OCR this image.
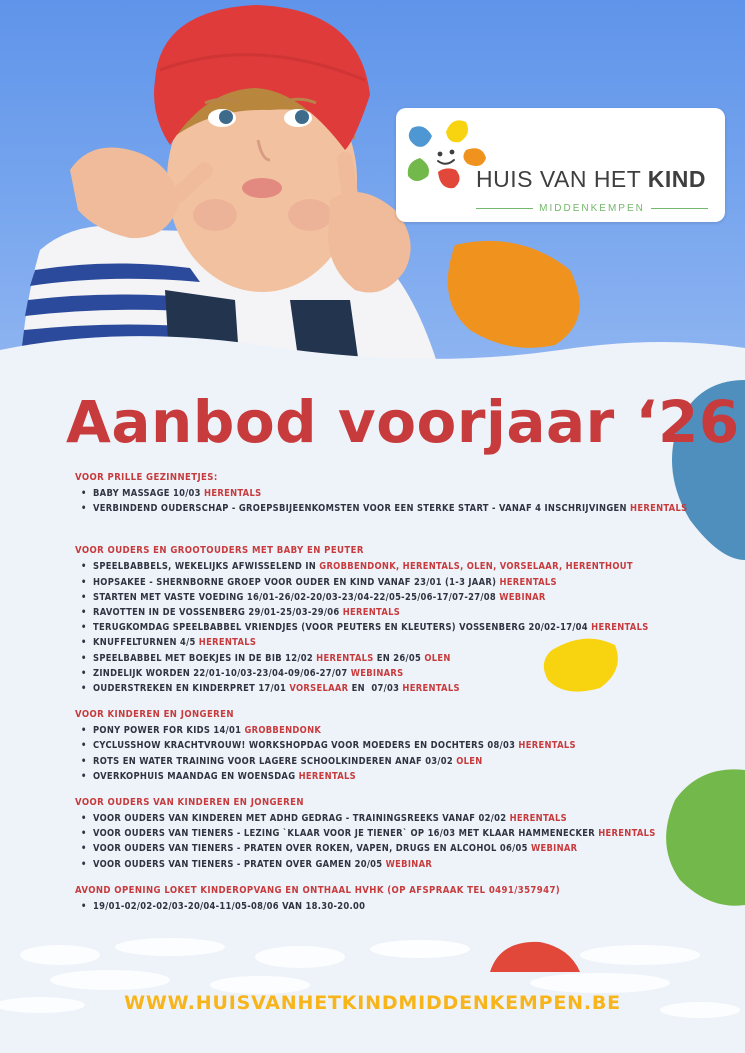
HUIS VAN HET KIND
MIDDENKEMPEN
Aanbod voorjaar ‘26
VOOR PRILLE GEZINNETJES:
• BABY MASSAGE 10/03 HERENTALS
• VERBINDEND OUDERSCHAP - GROEPSBIJEENKOMSTEN VOOR EEN STERKE START - VANAF 4 INSCHRIJVINGEN HERENTALS
VOOR OUDERS EN GROOTOUDERS MET BABY EN PEUTER
• SPEELBABBELS, WEKELIJKS AFWISSELEND IN GROBBENDONK, HERENTALS, OLEN, VORSELAAR, HERENTHOUT
• HOPSAKEE - SHERNBORNE GROEP VOOR OUDER EN KIND VANAF 23/01 (1-3 JAAR) HERENTALS
• STARTEN MET VASTE VOEDING 16/01-26/02-20/03-23/04-22/05-25/06-17/07-27/08 WEBINAR
• RAVOTTEN IN DE VOSSENBERG 29/01-25/03-29/06 HERENTALS
• TERUGKOMDAG SPEELBABBEL VRIENDJES (VOOR PEUTERS EN KLEUTERS) VOSSENBERG 20/02-17/04 HERENTALS
• KNUFFELTURNEN 4/5 HERENTALS
• SPEELBABBEL MET BOEKJES IN DE BIB 12/02 HERENTALS EN 26/05 OLEN
• ZINDELIJK WORDEN 22/01-10/03-23/04-09/06-27/07 WEBINARS
• OUDERSTREKEN EN KINDERPRET 17/01 VORSELAAR EN  07/03 HERENTALS
VOOR KINDEREN EN JONGEREN
• PONY POWER FOR KIDS 14/01 GROBBENDONK
• CYCLUSSHOW KRACHTVROUW! WORKSHOPDAG VOOR MOEDERS EN DOCHTERS 08/03 HERENTALS
• ROTS EN WATER TRAINING VOOR LAGERE SCHOOLKINDEREN ANAF 03/02 OLEN
• OVERKOPHUIS MAANDAG EN WOENSDAG HERENTALS
VOOR OUDERS VAN KINDEREN EN JONGEREN
• VOOR OUDERS VAN KINDEREN MET ADHD GEDRAG - TRAININGSREEKS VANAF 02/02 HERENTALS
• VOOR OUDERS VAN TIENERS - LEZING `KLAAR VOOR JE TIENER` OP 16/03 MET KLAAR HAMMENECKER HERENTALS
• VOOR OUDERS VAN TIENERS - PRATEN OVER ROKEN, VAPEN, DRUGS EN ALCOHOL 06/05 WEBINAR
• VOOR OUDERS VAN TIENERS - PRATEN OVER GAMEN 20/05 WEBINAR
AVOND OPENING LOKET KINDEROPVANG EN ONTHAAL HVHK (OP AFSPRAAK TEL 0491/357947)
• 19/01-02/02-02/03-20/04-11/05-08/06 VAN 18.30-20.00
WWW.HUISVANHETKINDMIDDENKEMPEN.BE
